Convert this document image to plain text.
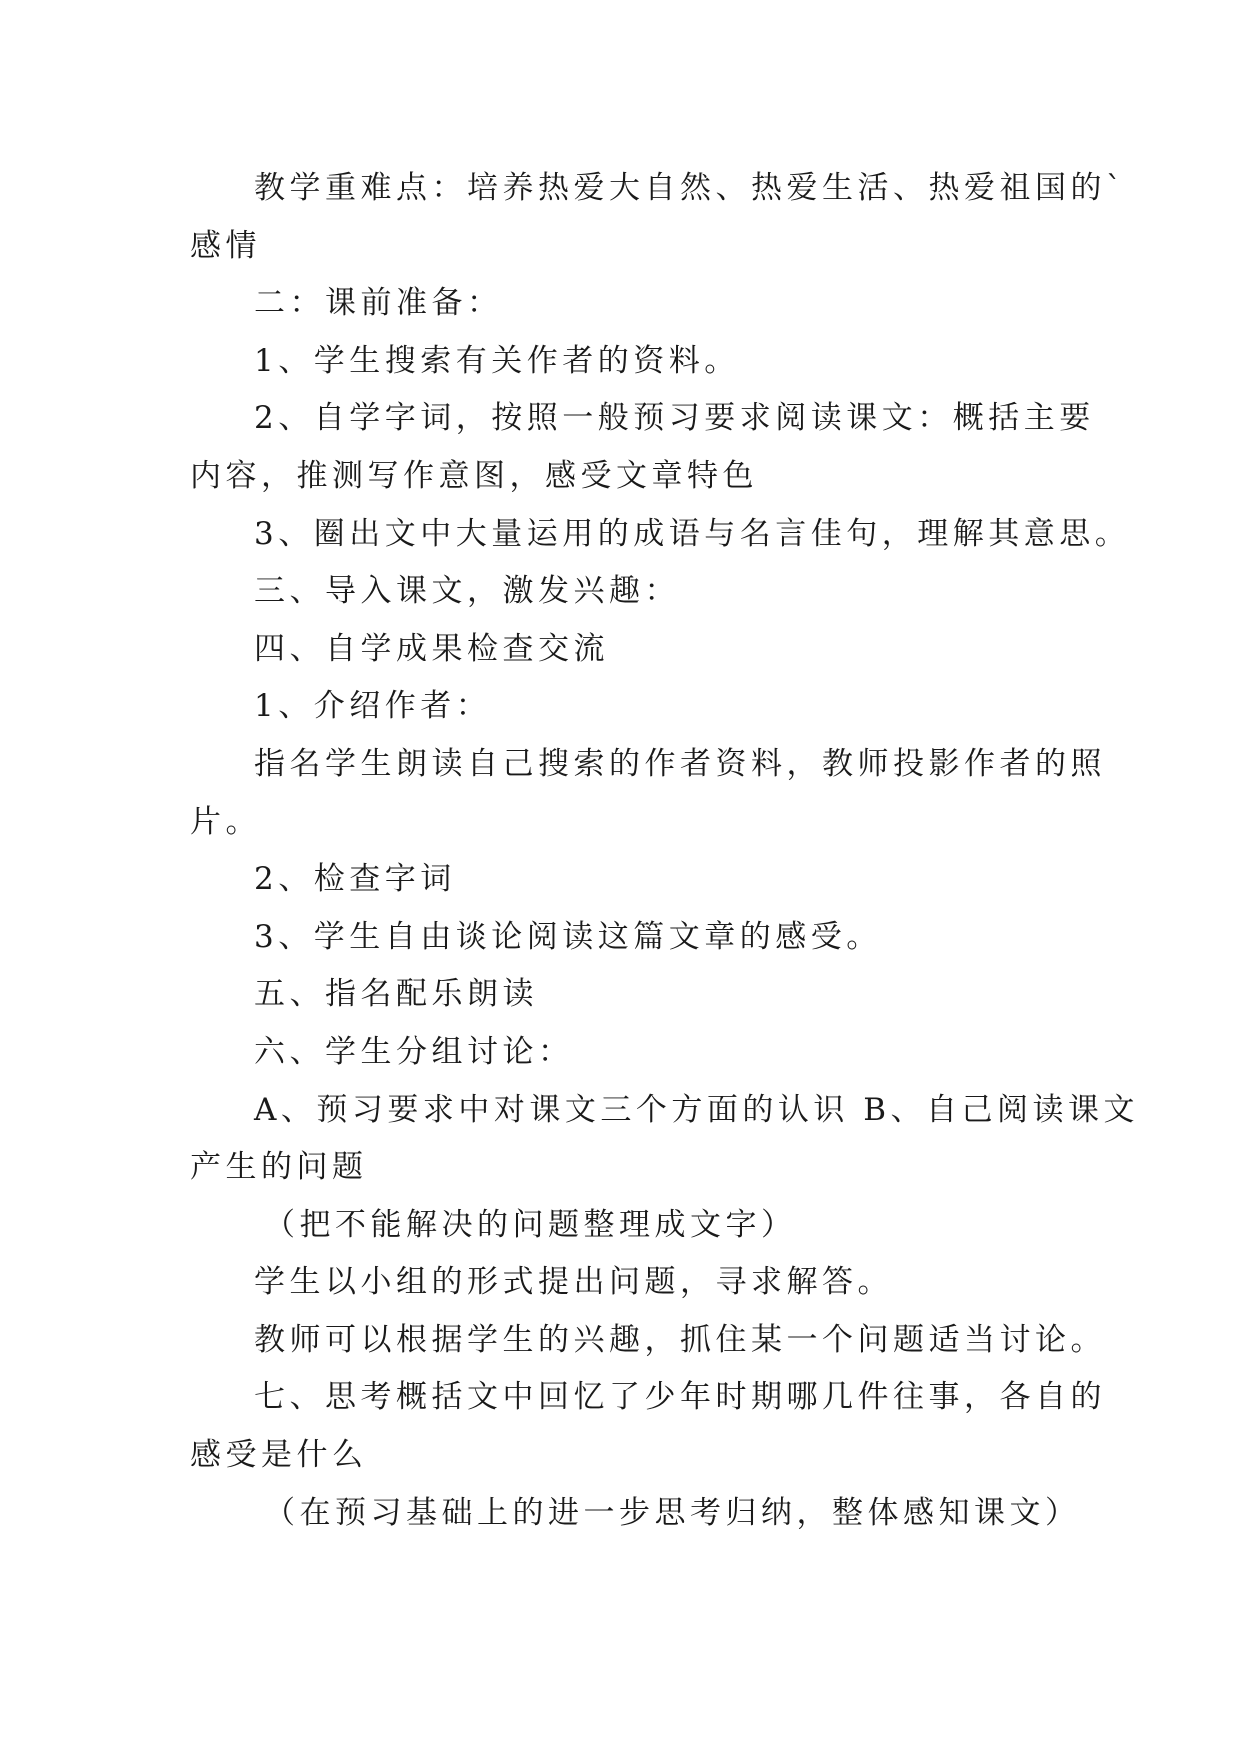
教学重难点：培养热爱大自然、热爱生活、热爱祖国的`

感情

二：课前准备：

1、学生搜索有关作者的资料。

2、自学字词，按照一般预习要求阅读课文：概括主要

内容，推测写作意图，感受文章特色

3、圈出文中大量运用的成语与名言佳句，理解其意思。

三、导入课文，激发兴趣：

四、自学成果检查交流

1、介绍作者：

指名学生朗读自己搜索的作者资料，教师投影作者的照

片。

2、检查字词

3、学生自由谈论阅读这篇文章的感受。

五、指名配乐朗读

六、学生分组讨论：

A、预习要求中对课文三个方面的认识 B、自己阅读课文

产生的问题

（把不能解决的问题整理成文字）

学生以小组的形式提出问题，寻求解答。

教师可以根据学生的兴趣，抓住某一个问题适当讨论。

七、思考概括文中回忆了少年时期哪几件往事，各自的

感受是什么

（在预习基础上的进一步思考归纳，整体感知课文）
